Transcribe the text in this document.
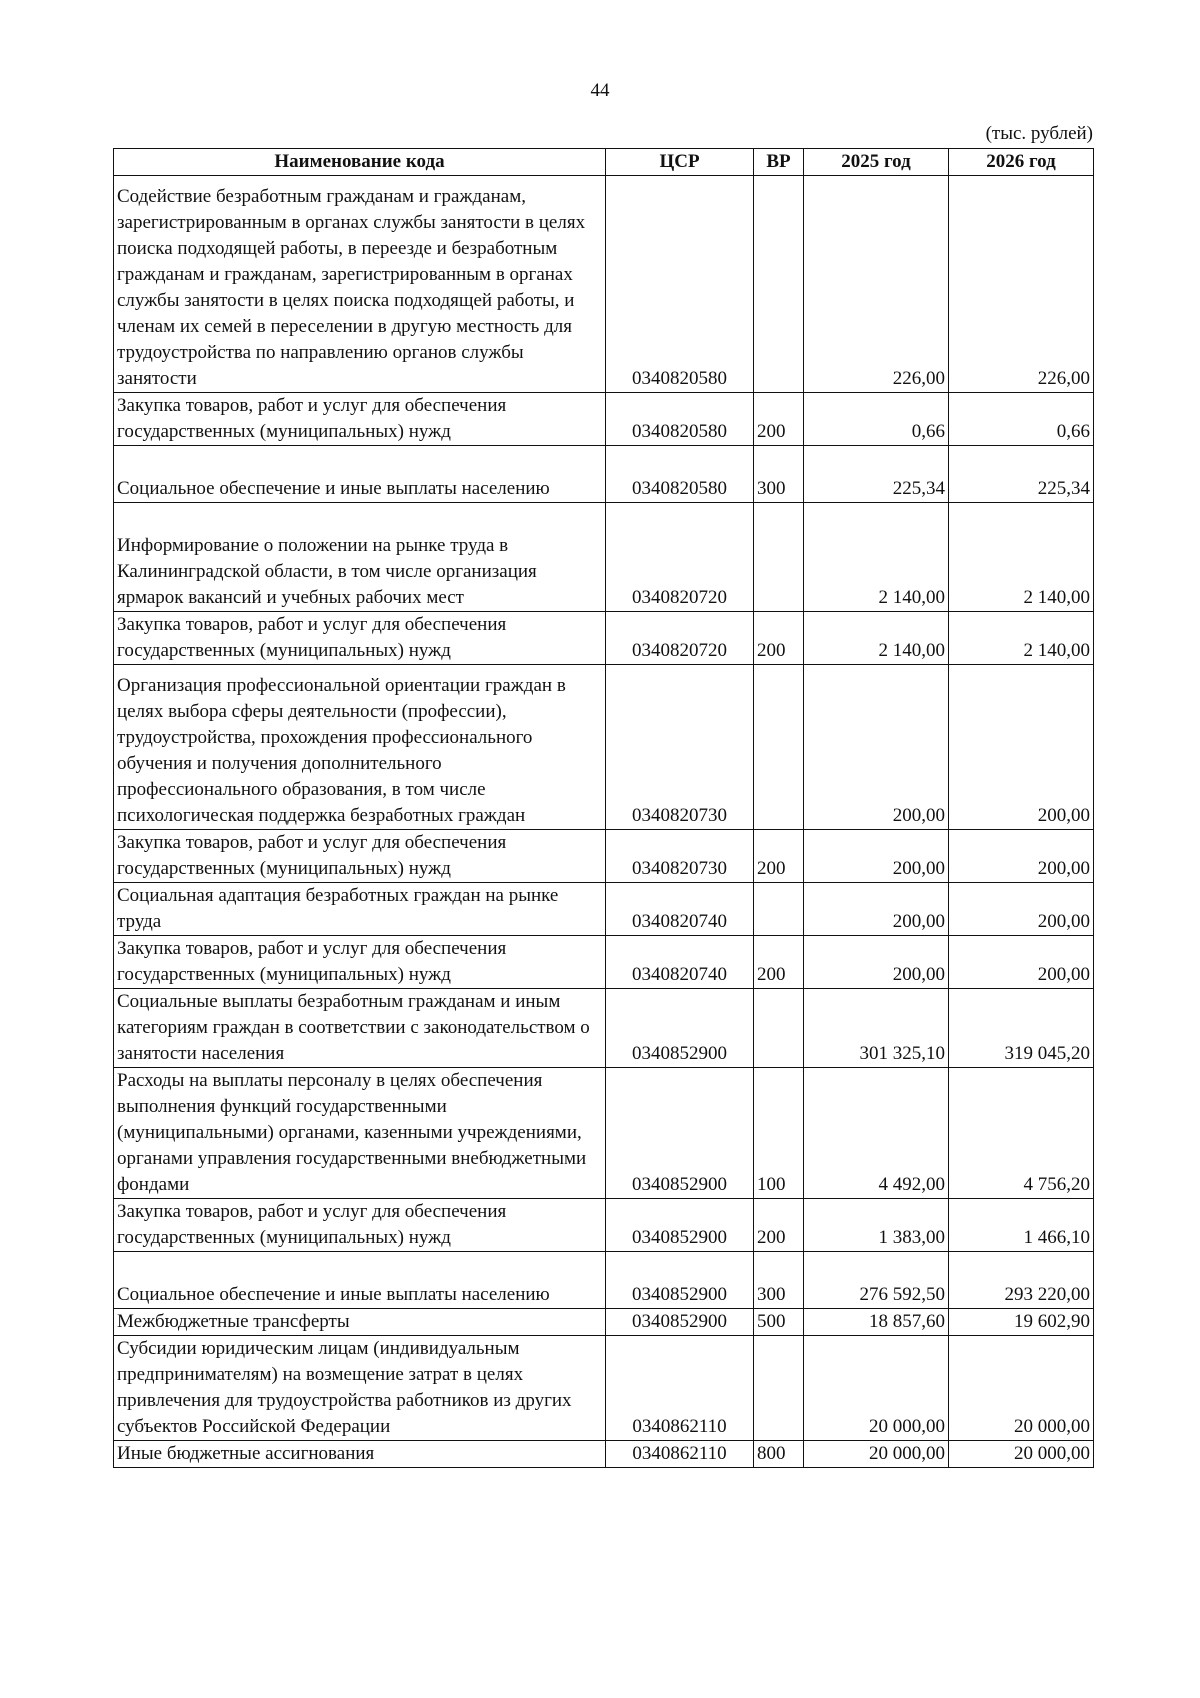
44
(тыс. рублей)
Наименование кода	ЦСР	ВР	2025 год	2026 год
Содействие безработным гражданам и гражданам, зарегистрированным в органах службы занятости в целях поиска подходящей работы, в переезде и безработным гражданам и гражданам, зарегистрированным в органах службы занятости в целях поиска подходящей работы, и членам их семей в переселении в другую местность для трудоустройства по направлению органов службы занятости	0340820580		226,00	226,00
Закупка товаров, работ и услуг для обеспечения государственных (муниципальных) нужд	0340820580	200	0,66	0,66
Социальное обеспечение и иные выплаты населению	0340820580	300	225,34	225,34
Информирование о положении на рынке труда в Калининградской области, в том числе организация ярмарок вакансий и учебных рабочих мест	0340820720		2 140,00	2 140,00
Закупка товаров, работ и услуг для обеспечения государственных (муниципальных) нужд	0340820720	200	2 140,00	2 140,00
Организация профессиональной ориентации граждан в целях выбора сферы деятельности (профессии), трудоустройства, прохождения профессионального обучения и получения дополнительного профессионального образования, в том числе психологическая поддержка безработных граждан	0340820730		200,00	200,00
Закупка товаров, работ и услуг для обеспечения государственных (муниципальных) нужд	0340820730	200	200,00	200,00
Социальная адаптация безработных граждан на рынке труда	0340820740		200,00	200,00
Закупка товаров, работ и услуг для обеспечения государственных (муниципальных) нужд	0340820740	200	200,00	200,00
Социальные выплаты безработным гражданам и иным категориям граждан в соответствии с законодательством о занятости населения	0340852900		301 325,10	319 045,20
Расходы на выплаты персоналу в целях обеспечения выполнения функций государственными (муниципальными) органами, казенными учреждениями, органами управления государственными внебюджетными фондами	0340852900	100	4 492,00	4 756,20
Закупка товаров, работ и услуг для обеспечения государственных (муниципальных) нужд	0340852900	200	1 383,00	1 466,10
Социальное обеспечение и иные выплаты населению	0340852900	300	276 592,50	293 220,00
Межбюджетные трансферты	0340852900	500	18 857,60	19 602,90
Субсидии юридическим лицам (индивидуальным предпринимателям) на возмещение затрат в целях привлечения для трудоустройства работников из других субъектов Российской Федерации	0340862110		20 000,00	20 000,00
Иные бюджетные ассигнования	0340862110	800	20 000,00	20 000,00
